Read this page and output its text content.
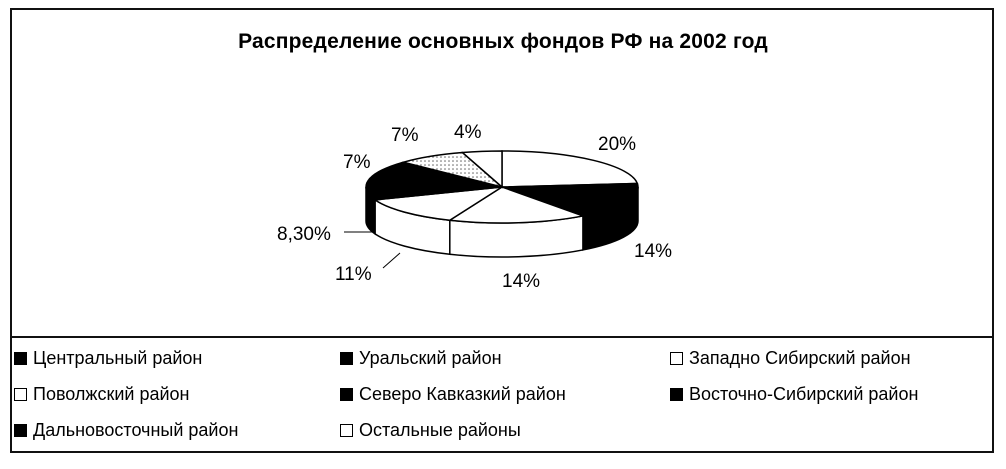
Распределение основных фондов РФ на 2002 год
20%
14%
14%
11%
8,30%
7%
7% 4%
Центральный район	Уральский район	Западно Сибирский район
Поволжский район	Северо Кавказкий район	Восточно-Сибирский район
Дальновосточный район	Остальные районы
